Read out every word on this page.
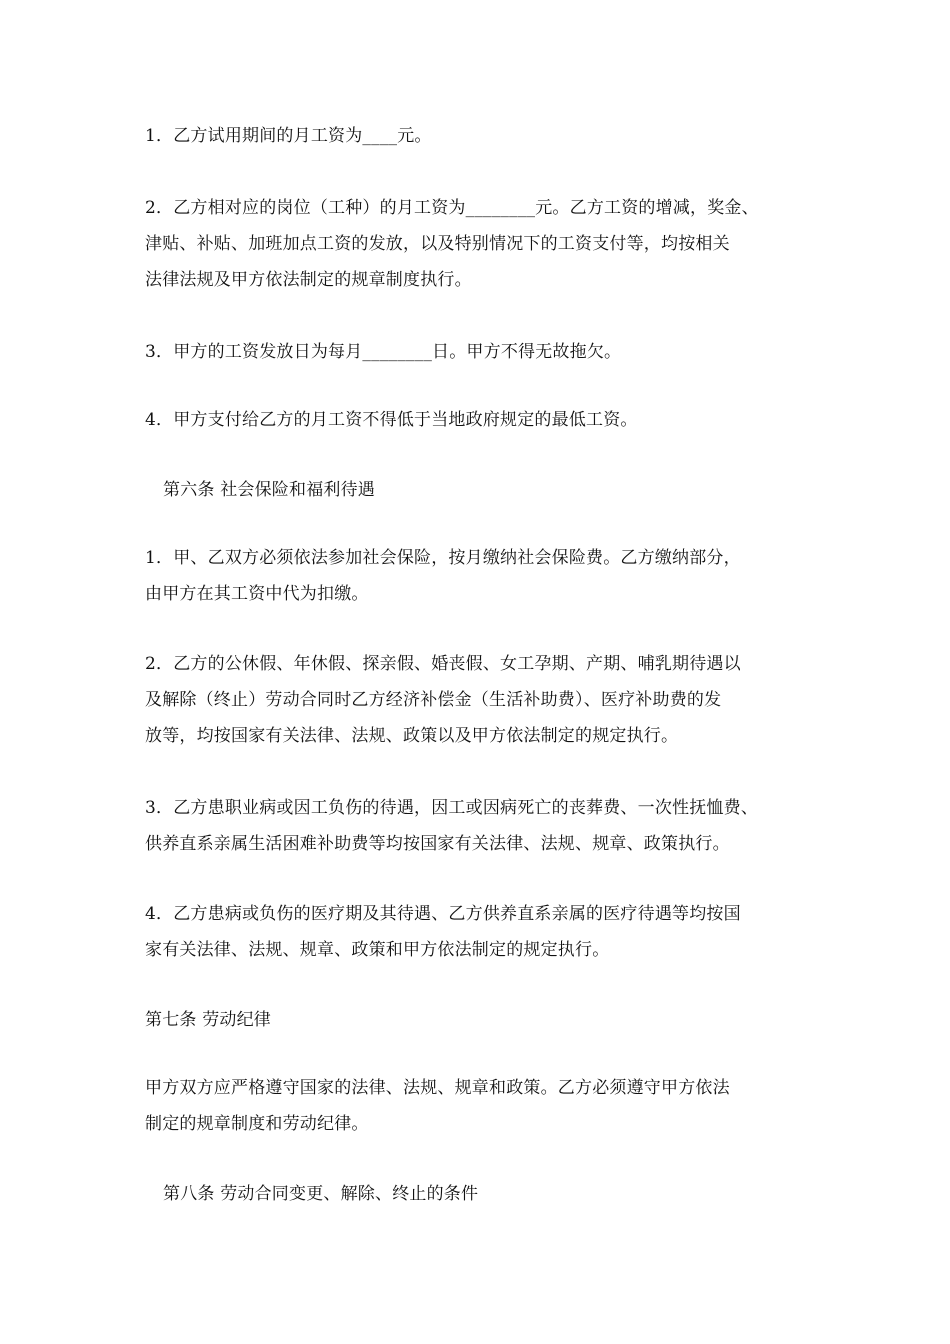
1．乙方试用期间的月工资为____元。
2．乙方相对应的岗位（工种）的月工资为________元。乙方工资的增减，奖金、
津贴、补贴、加班加点工资的发放，以及特别情况下的工资支付等，均按相关
法律法规及甲方依法制定的规章制度执行。
3．甲方的工资发放日为每月________日。甲方不得无故拖欠。
4．甲方支付给乙方的月工资不得低于当地政府规定的最低工资。
第六条 社会保险和福利待遇
1．甲、乙双方必须依法参加社会保险，按月缴纳社会保险费。乙方缴纳部分，
由甲方在其工资中代为扣缴。
2．乙方的公休假、年休假、探亲假、婚丧假、女工孕期、产期、哺乳期待遇以
及解除（终止）劳动合同时乙方经济补偿金（生活补助费）、医疗补助费的发
放等，均按国家有关法律、法规、政策以及甲方依法制定的规定执行。
3．乙方患职业病或因工负伤的待遇，因工或因病死亡的丧葬费、一次性抚恤费、
供养直系亲属生活困难补助费等均按国家有关法律、法规、规章、政策执行。
4．乙方患病或负伤的医疗期及其待遇、乙方供养直系亲属的医疗待遇等均按国
家有关法律、法规、规章、政策和甲方依法制定的规定执行。
第七条 劳动纪律
甲方双方应严格遵守国家的法律、法规、规章和政策。乙方必须遵守甲方依法
制定的规章制度和劳动纪律。
第八条 劳动合同变更、解除、终止的条件
